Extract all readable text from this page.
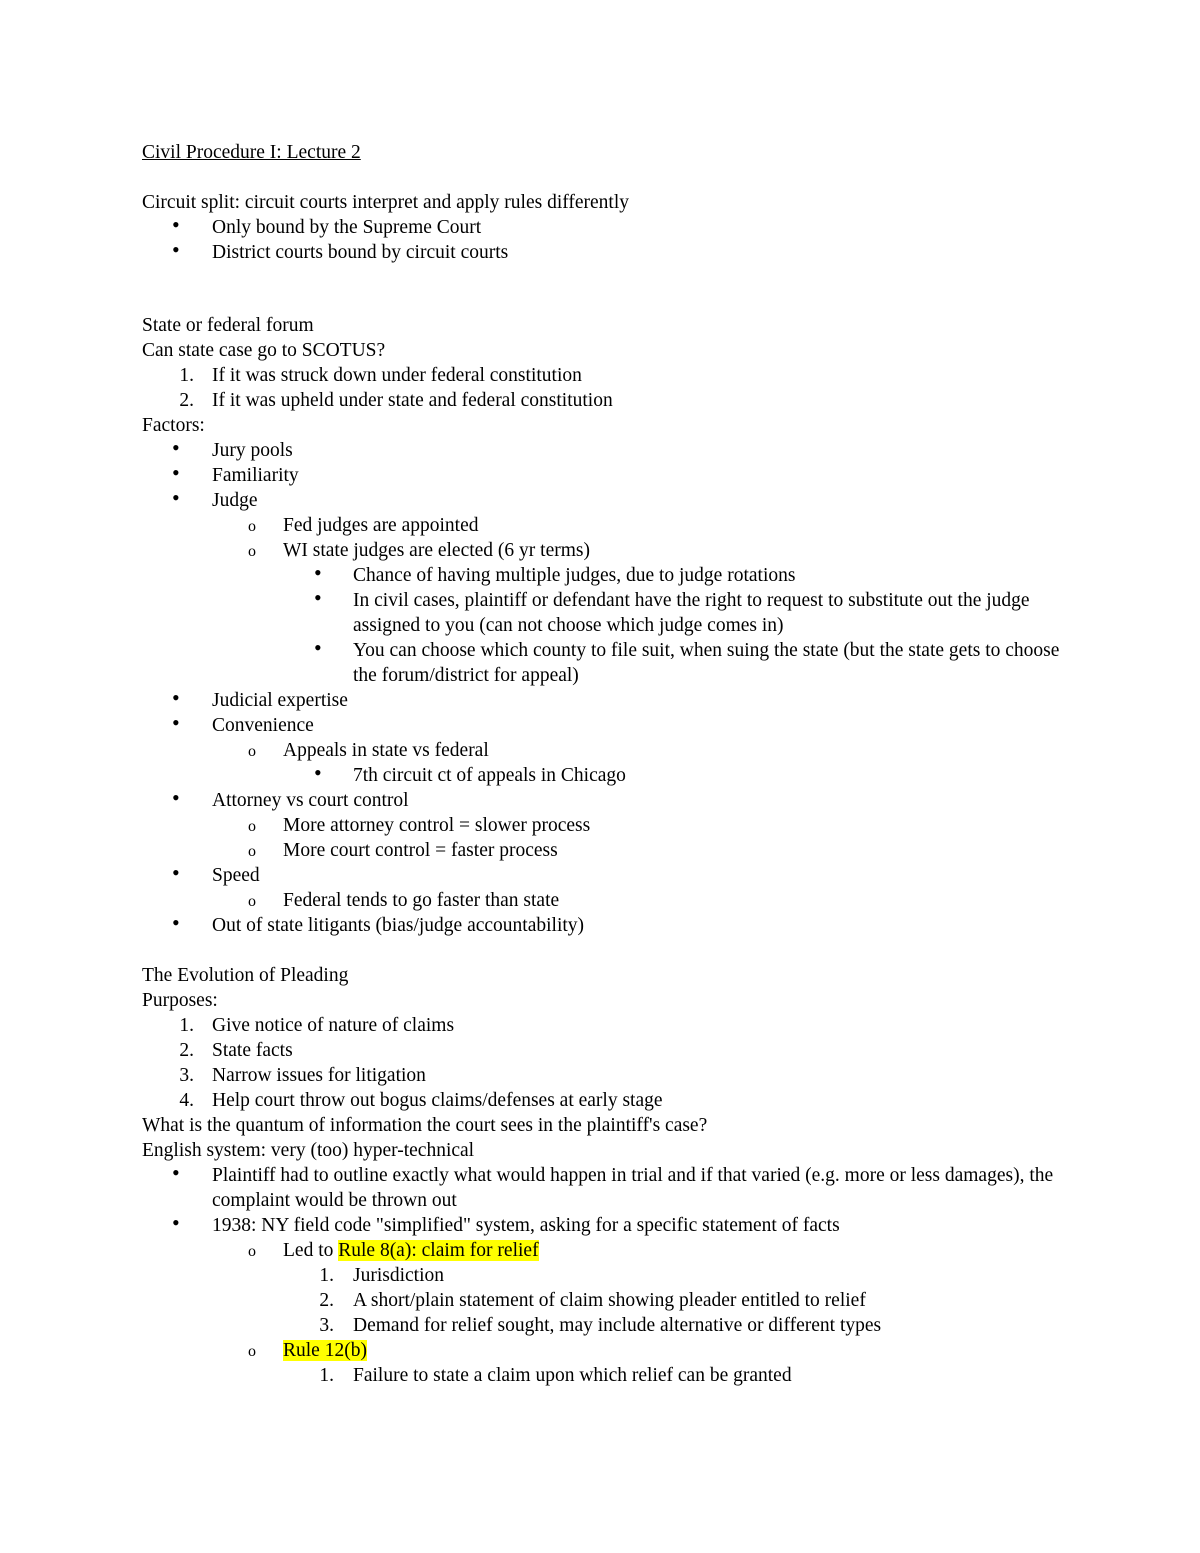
Civil Procedure I: Lecture 2
Circuit split: circuit courts interpret and apply rules differently
•	Only bound by the Supreme Court
•	District courts bound by circuit courts
State or federal forum
Can state case go to SCOTUS?
1. If it was struck down under federal constitution
2. If it was upheld under state and federal constitution
Factors:
•	Jury pools
•	Familiarity
•	Judge
o	Fed judges are appointed
o	WI state judges are elected (6 yr terms)
•	Chance of having multiple judges, due to judge rotations
•	In civil cases, plaintiff or defendant have the right to request to substitute out the judge assigned to you (can not choose which judge comes in)
•	You can choose which county to file suit, when suing the state (but the state gets to choose the forum/district for appeal)
•	Judicial expertise
•	Convenience
o	Appeals in state vs federal
•	7th circuit ct of appeals in Chicago
•	Attorney vs court control
o	More attorney control = slower process
o	More court control = faster process
•	Speed
o	Federal tends to go faster than state
•	Out of state litigants (bias/judge accountability)
The Evolution of Pleading
Purposes:
1. Give notice of nature of claims
2. State facts
3. Narrow issues for litigation
4. Help court throw out bogus claims/defenses at early stage
What is the quantum of information the court sees in the plaintiff's case?
English system: very (too) hyper-technical
•	Plaintiff had to outline exactly what would happen in trial and if that varied (e.g. more or less damages), the complaint would be thrown out
•	1938: NY field code "simplified" system, asking for a specific statement of facts
o	Led to Rule 8(a): claim for relief
1. Jurisdiction
2. A short/plain statement of claim showing pleader entitled to relief
3. Demand for relief sought, may include alternative or different types
o	Rule 12(b)
1. Failure to state a claim upon which relief can be granted
